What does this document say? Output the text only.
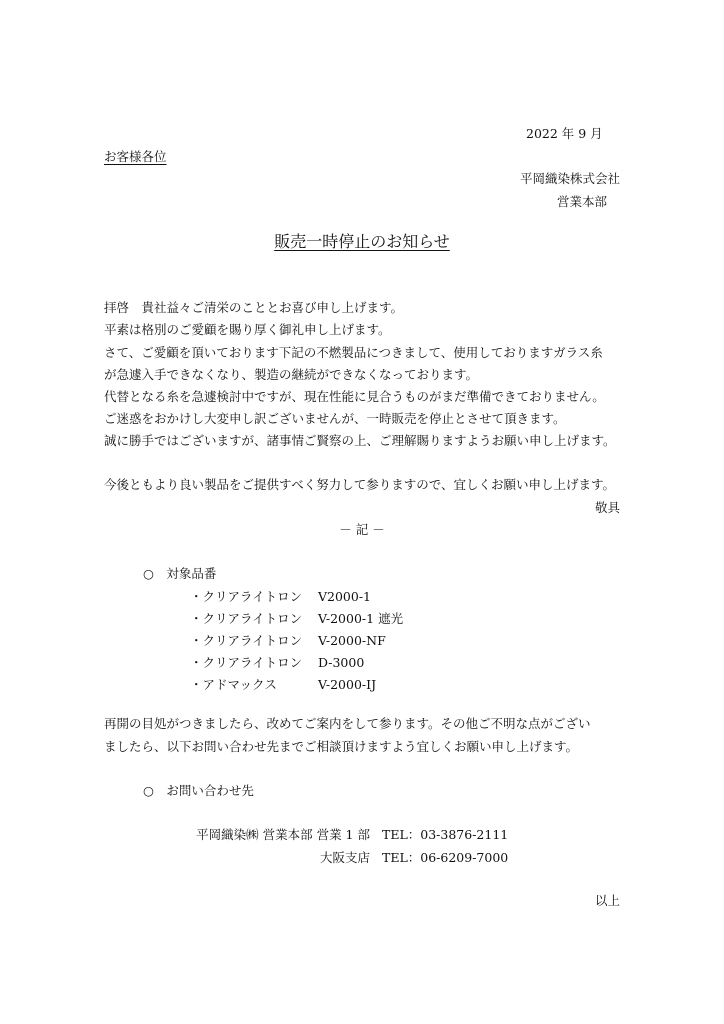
2022 年 9 月
お客様各位
平岡織染株式会社
営業本部
販売一時停止のお知らせ
拝啓　貴社益々ご清栄のこととお喜び申し上げます。
平素は格別のご愛顧を賜り厚く御礼申し上げます。
さて、ご愛顧を頂いております下記の不燃製品につきまして、使用しておりますガラス糸
が急遽入手できなくなり、製造の継続ができなくなっております。
代替となる糸を急遽検討中ですが、現在性能に見合うものがまだ準備できておりません。
ご迷惑をおかけし大変申し訳ございませんが、一時販売を停止とさせて頂きます。
誠に勝手ではございますが、諸事情ご賢察の上、ご理解賜りますようお願い申し上げます。
今後ともより良い製品をご提供すべく努力して参りますので、宜しくお願い申し上げます。
敬具
－ 記 －
○　対象品番
・クリアライトロン V2000-1
・クリアライトロン V-2000-1 遮光
・クリアライトロン V-2000-NF
・クリアライトロン D-3000
・アドマックス	V-2000-IJ
再開の目処がつきましたら、改めてご案内をして参ります。その他ご不明な点がござい
ましたら、以下お問い合わせ先までご相談頂けますよう宜しくお願い申し上げます。
○　お問い合わせ先
平岡織染㈱ 営業本部 営業 1 部 TEL：03-3876-2111
大阪支店 TEL：06-6209-7000
以上
